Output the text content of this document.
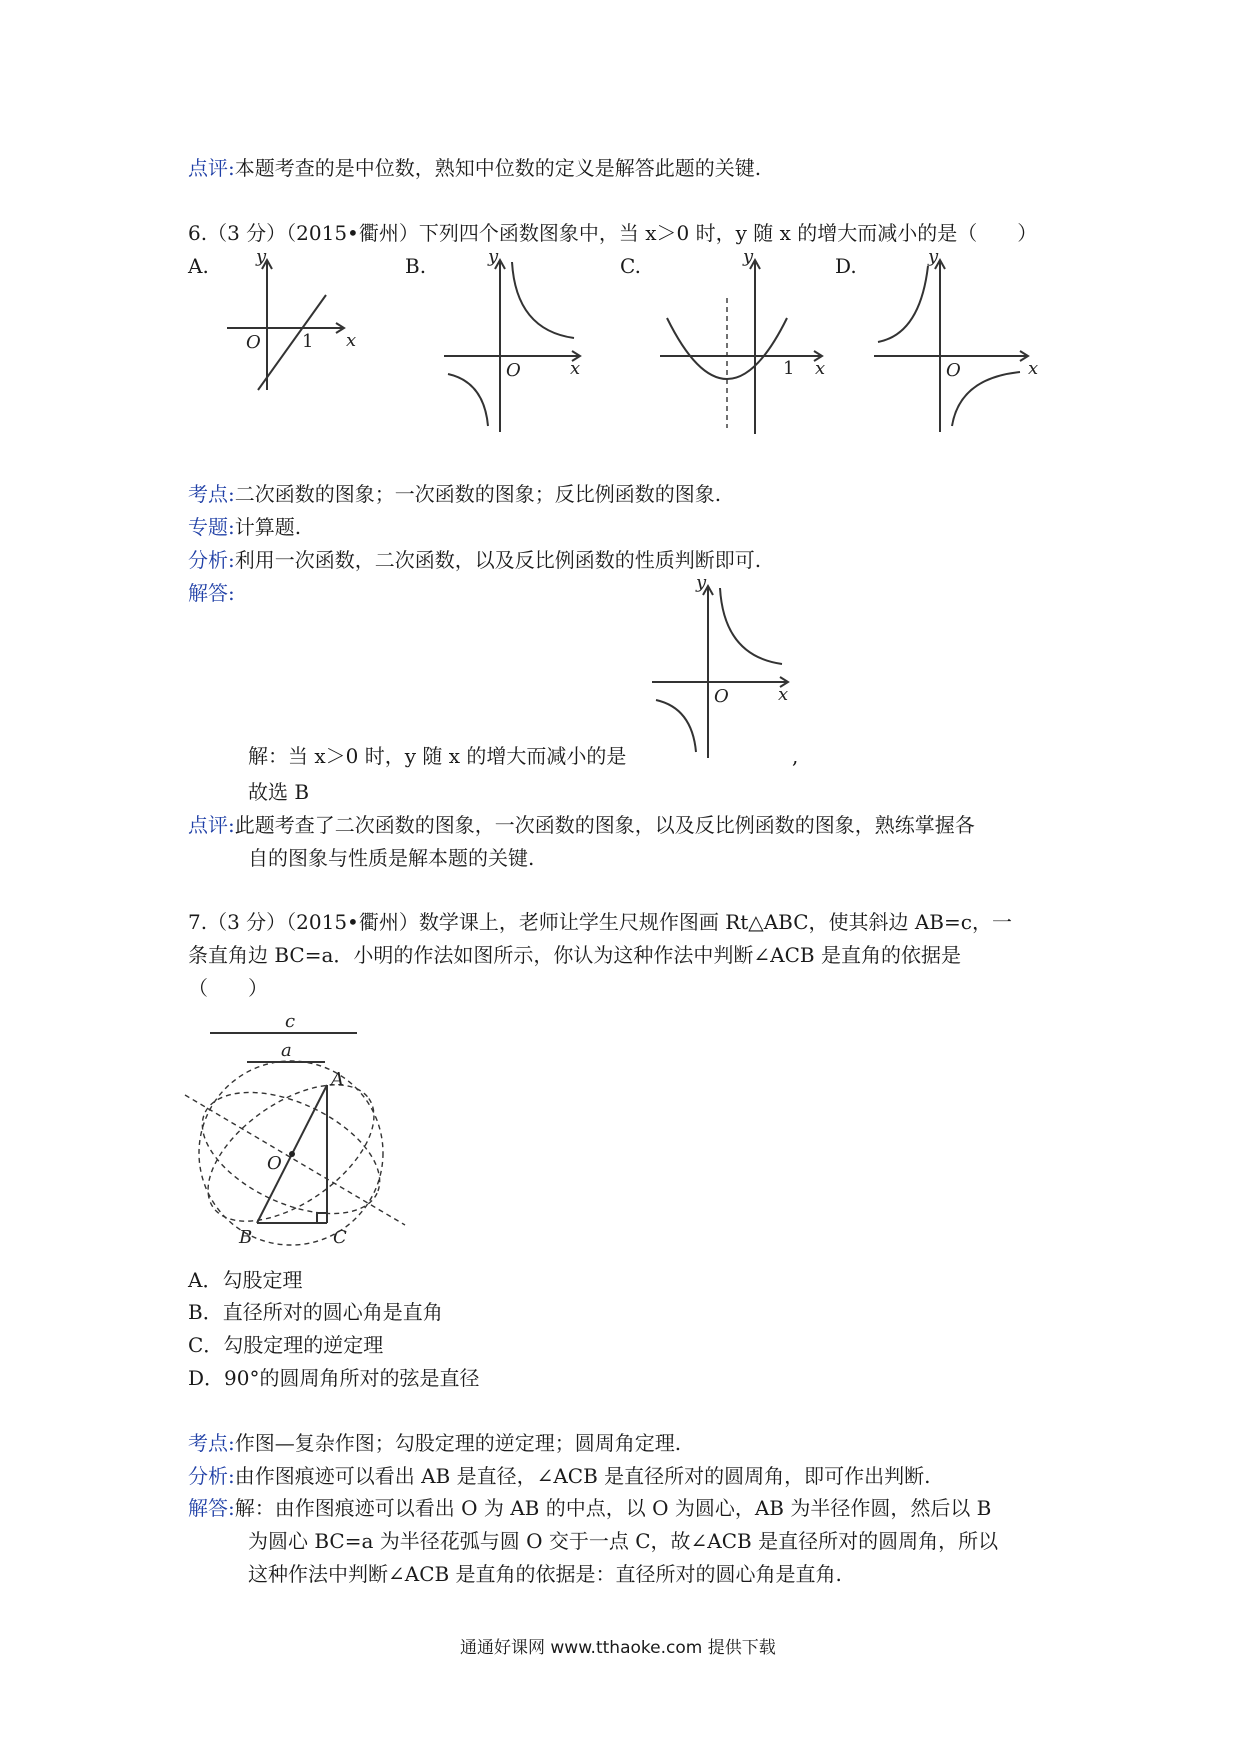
点评:本题考查的是中位数，熟知中位数的定义是解答此题的关键.
6.（3 分）（2015•衢州）下列四个函数图象中，当 x＞0 时，y 随 x 的增大而减小的是（　　）
A.	B.	C.	D.
y
x
O 1
y
x
O
y
x
1
y
x
O
考点:二次函数的图象；一次函数的图象；反比例函数的图象.
专题:计算题.
分析:利用一次函数，二次函数，以及反比例函数的性质判断即可.
解答:	y
x
O
解：当 x＞0 时，y 随 x 的增大而减小的是	,
故选 B
点评:此题考查了二次函数的图象，一次函数的图象，以及反比例函数的图象，熟练掌握各
自的图象与性质是解本题的关键.
7.（3 分）（2015•衢州）数学课上，老师让学生尺规作图画 Rt△ABC，使其斜边 AB=c，一
条直角边 BC=a．小明的作法如图所示，你认为这种作法中判断∠ACB 是直角的依据是
（　　）
c
a
A
B	C
O
A．勾股定理
B．直径所对的圆心角是直角
C．勾股定理的逆定理
D．90°的圆周角所对的弦是直径
考点:作图—复杂作图；勾股定理的逆定理；圆周角定理.
分析:由作图痕迹可以看出 AB 是直径，∠ACB 是直径所对的圆周角，即可作出判断.
解答:解：由作图痕迹可以看出 O 为 AB 的中点，以 O 为圆心，AB 为半径作圆，然后以 B
为圆心 BC=a 为半径花弧与圆 O 交于一点 C，故∠ACB 是直径所对的圆周角，所以
这种作法中判断∠ACB 是直角的依据是：直径所对的圆心角是直角.
通通好课网 www.tthaoke.com 提供下载
